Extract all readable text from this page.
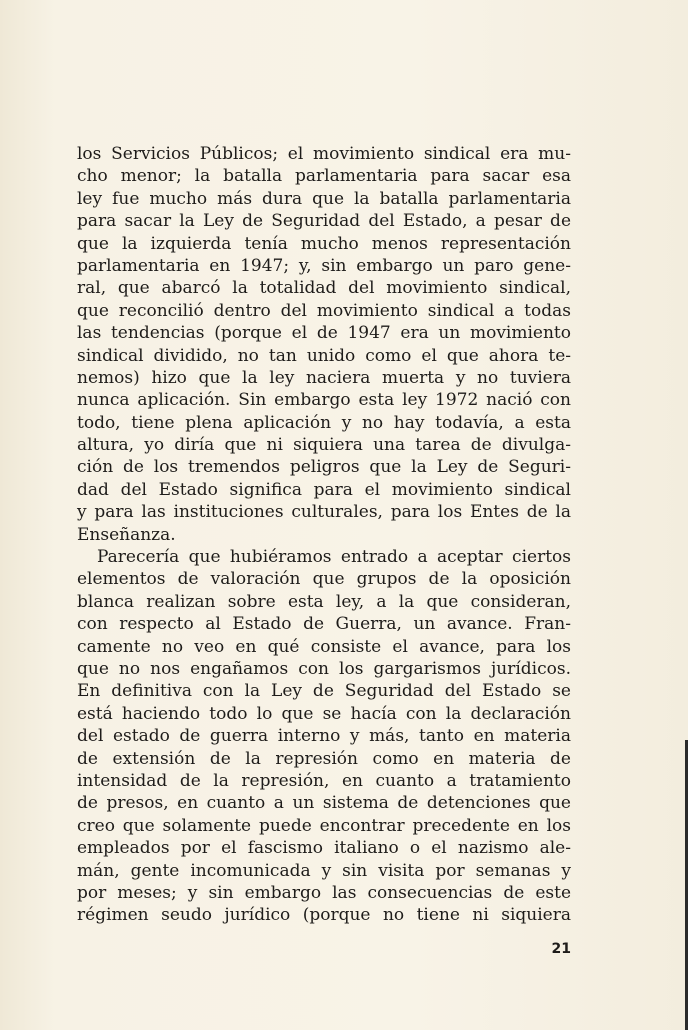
los Servicios Públicos; el movimiento sindical era mu-
cho menor; la batalla parlamentaria para sacar esa
ley fue mucho más dura que la batalla parlamentaria
para sacar la Ley de Seguridad del Estado, a pesar de
que la izquierda tenía mucho menos representación
parlamentaria en 1947; y, sin embargo un paro gene-
ral, que abarcó la totalidad del movimiento sindical,
que reconcilió dentro del movimiento sindical a todas
las tendencias (porque el de 1947 era un movimiento
sindical dividido, no tan unido como el que ahora te-
nemos) hizo que la ley naciera muerta y no tuviera
nunca aplicación. Sin embargo esta ley 1972 nació con
todo, tiene plena aplicación y no hay todavía, a esta
altura, yo diría que ni siquiera una tarea de divulga-
ción de los tremendos peligros que la Ley de Seguri-
dad del Estado significa para el movimiento sindical
y para las instituciones culturales, para los Entes de la
Enseñanza.
Parecería que hubiéramos entrado a aceptar ciertos
elementos de valoración que grupos de la oposición
blanca realizan sobre esta ley, a la que consideran,
con respecto al Estado de Guerra, un avance. Fran-
camente no veo en qué consiste el avance, para los
que no nos engañamos con los gargarismos jurídicos.
En definitiva con la Ley de Seguridad del Estado se
está haciendo todo lo que se hacía con la declaración
del estado de guerra interno y más, tanto en materia
de extensión de la represión como en materia de
intensidad de la represión, en cuanto a tratamiento
de presos, en cuanto a un sistema de detenciones que
creo que solamente puede encontrar precedente en los
empleados por el fascismo italiano o el nazismo ale-
mán, gente incomunicada y sin visita por semanas y
por meses; y sin embargo las consecuencias de este
régimen seudo jurídico (porque no tiene ni siquiera
21
